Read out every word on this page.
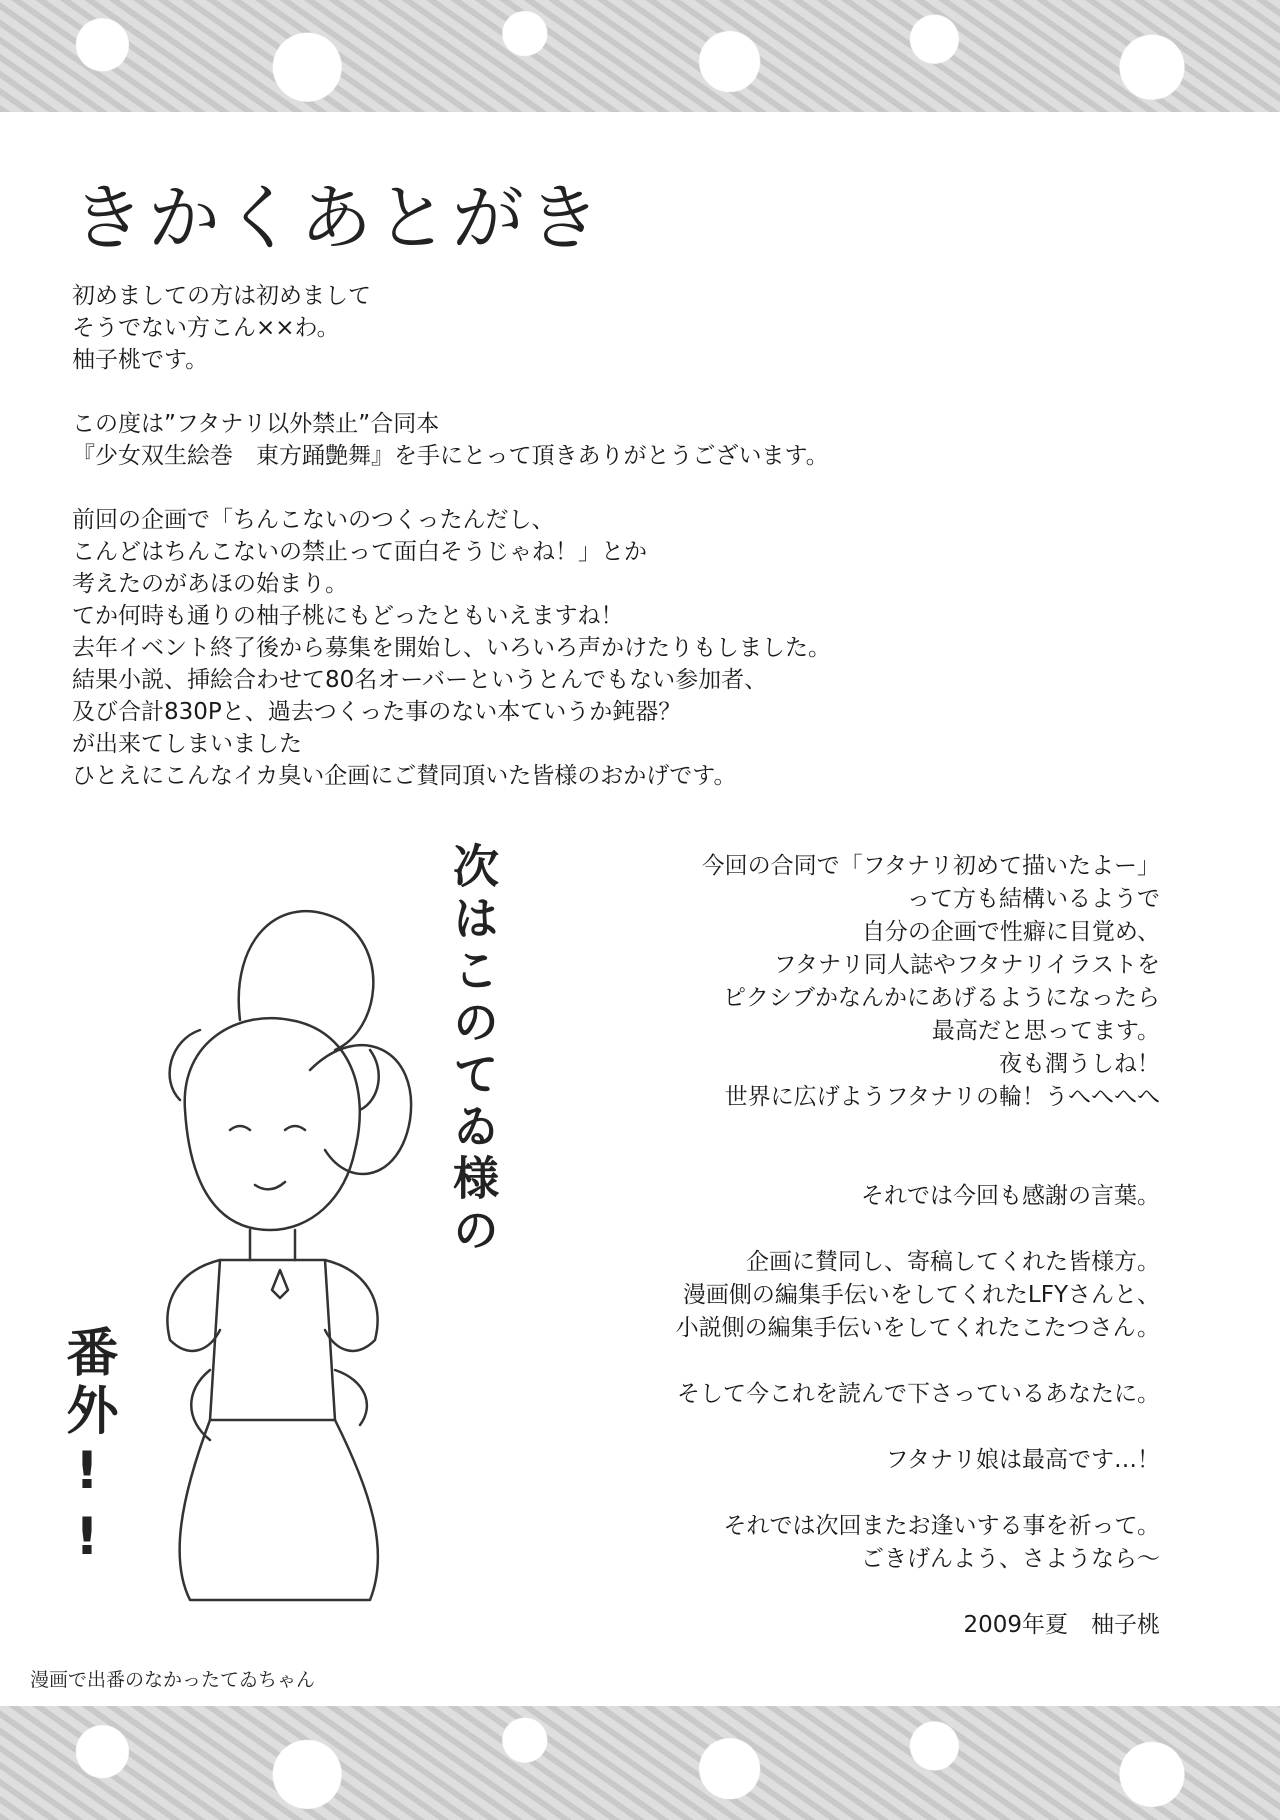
きかくあとがき

初めましての方は初めまして

そうでない方こん××わ。

柚子桃です。

この度は”フタナリ以外禁止”合同本

『少女双生絵巻　東方踊艶舞』を手にとって頂きありがとうございます。

前回の企画で「ちんこないのつくったんだし、

こんどはちんこないの禁止って面白そうじゃね！」とか

考えたのがあほの始まり。

てか何時も通りの柚子桃にもどったともいえますね！

去年イベント終了後から募集を開始し、いろいろ声かけたりもしました。

結果小説、挿絵合わせて80名オーバーというとんでもない参加者、

及び合計830Pと、過去つくった事のない本ていうか鈍器？

が出来てしまいました

ひとえにこんなイカ臭い企画にご賛同頂いた皆様のおかげです。

次はこのてゐ様の
番外!!

今回の合同で「フタナリ初めて描いたよー」

って方も結構いるようで

自分の企画で性癖に目覚め、

フタナリ同人誌やフタナリイラストを

ピクシブかなんかにあげるようになったら

最高だと思ってます。

夜も潤うしね！

世界に広げようフタナリの輪！うへへへへ

それでは今回も感謝の言葉。

企画に賛同し、寄稿してくれた皆様方。

漫画側の編集手伝いをしてくれたLFYさんと、

小説側の編集手伝いをしてくれたこたつさん。

そして今これを読んで下さっているあなたに。

フタナリ娘は最高です…！

それでは次回またお逢いする事を祈って。

ごきげんよう、さようなら〜

2009年夏　柚子桃

漫画で出番のなかったてゐちゃん
